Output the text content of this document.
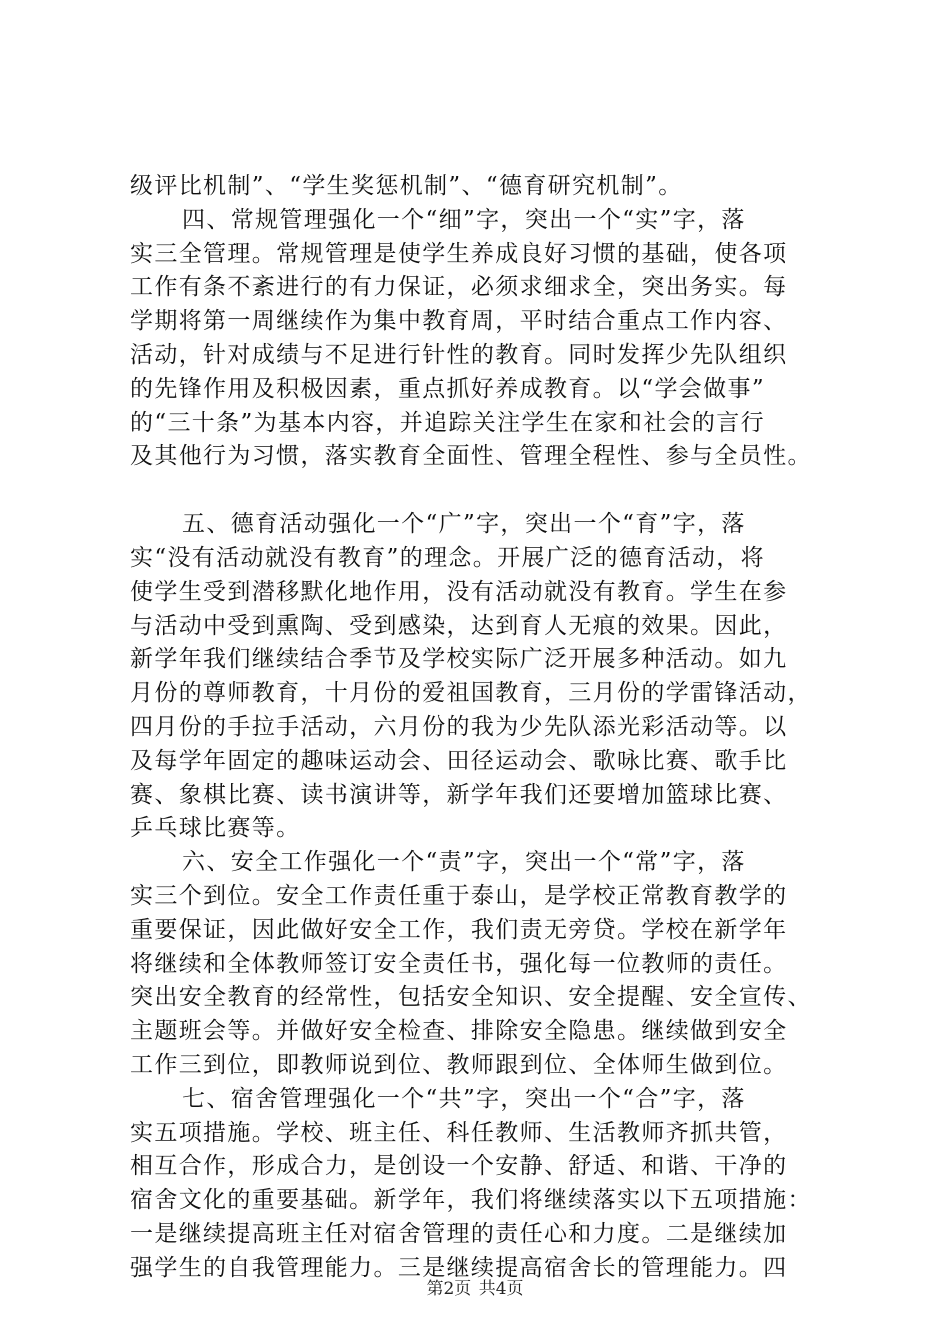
级评比机制”、“学生奖惩机制”、“德育研究机制”。
四、常规管理强化一个“细”字，突出一个“实”字，落
实三全管理。常规管理是使学生养成良好习惯的基础，使各项
工作有条不紊进行的有力保证，必须求细求全，突出务实。每
学期将第一周继续作为集中教育周，平时结合重点工作内容、
活动，针对成绩与不足进行针性的教育。同时发挥少先队组织
的先锋作用及积极因素，重点抓好养成教育。以“学会做事”
的“三十条”为基本内容，并追踪关注学生在家和社会的言行
及其他行为习惯，落实教育全面性、管理全程性、参与全员性。
五、德育活动强化一个“广”字，突出一个“育”字，落
实“没有活动就没有教育”的理念。开展广泛的德育活动，将
使学生受到潜移默化地作用，没有活动就没有教育。学生在参
与活动中受到熏陶、受到感染，达到育人无痕的效果。因此，
新学年我们继续结合季节及学校实际广泛开展多种活动。如九
月份的尊师教育，十月份的爱祖国教育，三月份的学雷锋活动，
四月份的手拉手活动，六月份的我为少先队添光彩活动等。以
及每学年固定的趣味运动会、田径运动会、歌咏比赛、歌手比
赛、象棋比赛、读书演讲等，新学年我们还要增加篮球比赛、
乒乓球比赛等。
六、安全工作强化一个“责”字，突出一个“常”字，落
实三个到位。安全工作责任重于泰山，是学校正常教育教学的
重要保证，因此做好安全工作，我们责无旁贷。学校在新学年
将继续和全体教师签订安全责任书，强化每一位教师的责任。
突出安全教育的经常性，包括安全知识、安全提醒、安全宣传、
主题班会等。并做好安全检查、排除安全隐患。继续做到安全
工作三到位，即教师说到位、教师跟到位、全体师生做到位。
七、宿舍管理强化一个“共”字，突出一个“合”字，落
实五项措施。学校、班主任、科任教师、生活教师齐抓共管，
相互合作，形成合力，是创设一个安静、舒适、和谐、干净的
宿舍文化的重要基础。新学年，我们将继续落实以下五项措施：
一是继续提高班主任对宿舍管理的责任心和力度。二是继续加
强学生的自我管理能力。三是继续提高宿舍长的管理能力。四
第2页 共4页
